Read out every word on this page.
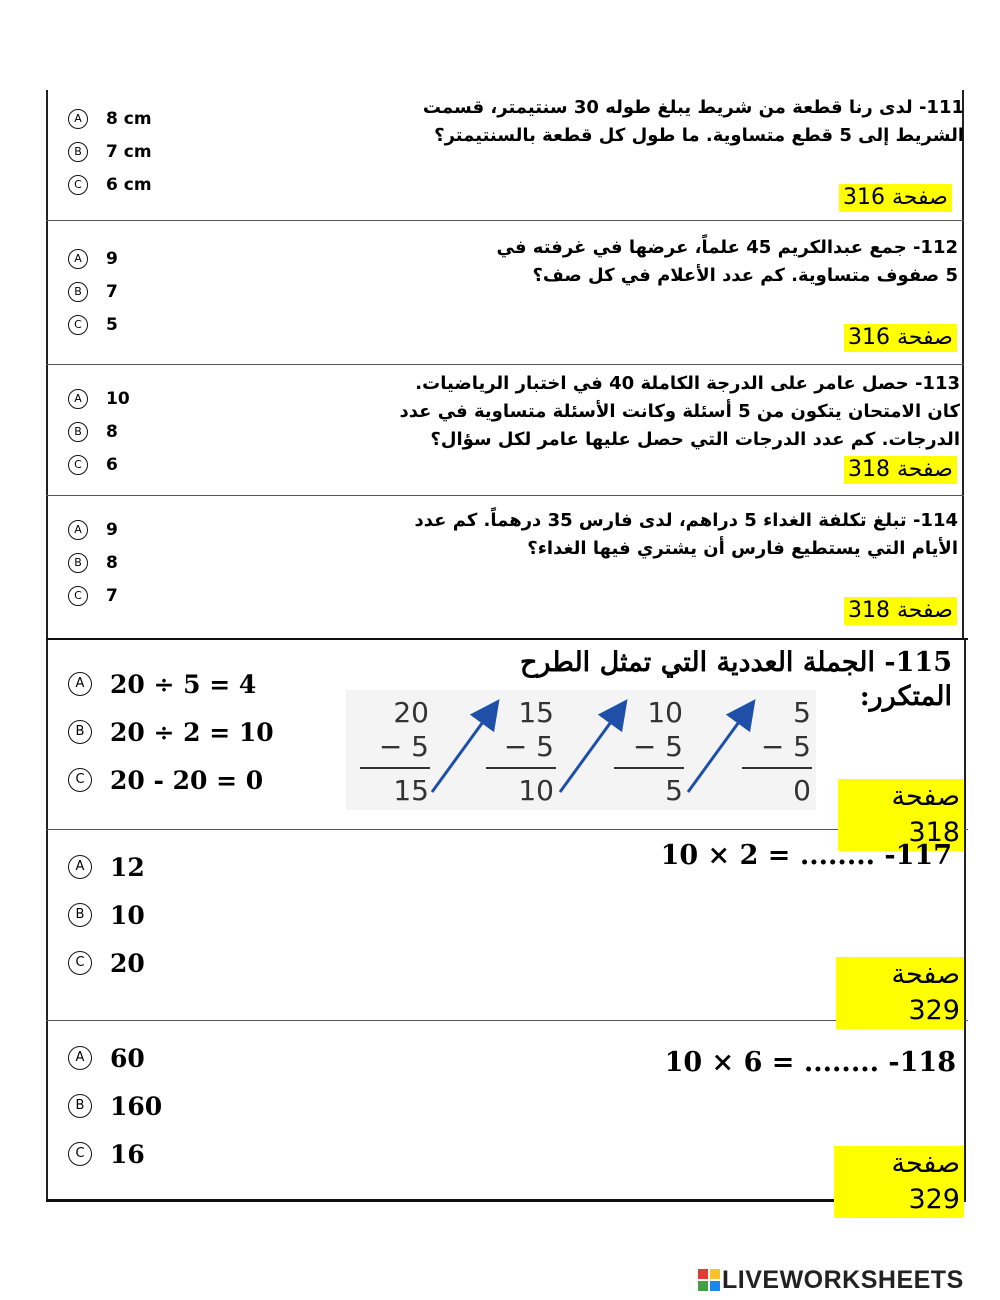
111- لدى رنا قطعة من شريط يبلغ طوله 30 سنتيمتر، قسمت
الشريط إلى 5 قطع متساوية. ما طول كل قطعة بالسنتيمتر؟
A	8 cm
B	7 cm
C	6 cm
صفحة 316
112- جمع عبدالكريم 45 علماً، عرضها في غرفته في
5 صفوف متساوية. كم عدد الأعلام في كل صف؟
A	9
B	7
C	5
صفحة 316
113- حصل عامر على الدرجة الكاملة 40 في اختبار الرياضيات.
كان الامتحان يتكون من 5 أسئلة وكانت الأسئلة متساوية في عدد
الدرجات. كم عدد الدرجات التي حصل عليها عامر لكل سؤال؟
A	10
B	8
C	6	صفحة 318
114- تبلغ تكلفة الغداء 5 دراهم، لدى فارس 35 درهماً. كم عدد
الأيام التي يستطيع فارس أن يشتري فيها الغداء؟
A	9
B	8
C	7
صفحة 318
115- الجملة العددية التي تمثل الطرح المتكرر:
A	20 ÷ 5 = 4
B	20 ÷ 2 = 10
C 20 - 20 = 0
20
− 5
15
15
− 5
10
10
− 5
5
5
− 5
0	صفحة 318
117- ........ = 2 × 10
A	12
B	10
C 20	صفحة 329
118- ........ = 6 × 10
A	60
B	160
C 16	صفحة 329
LIVEWORKSHEETS
